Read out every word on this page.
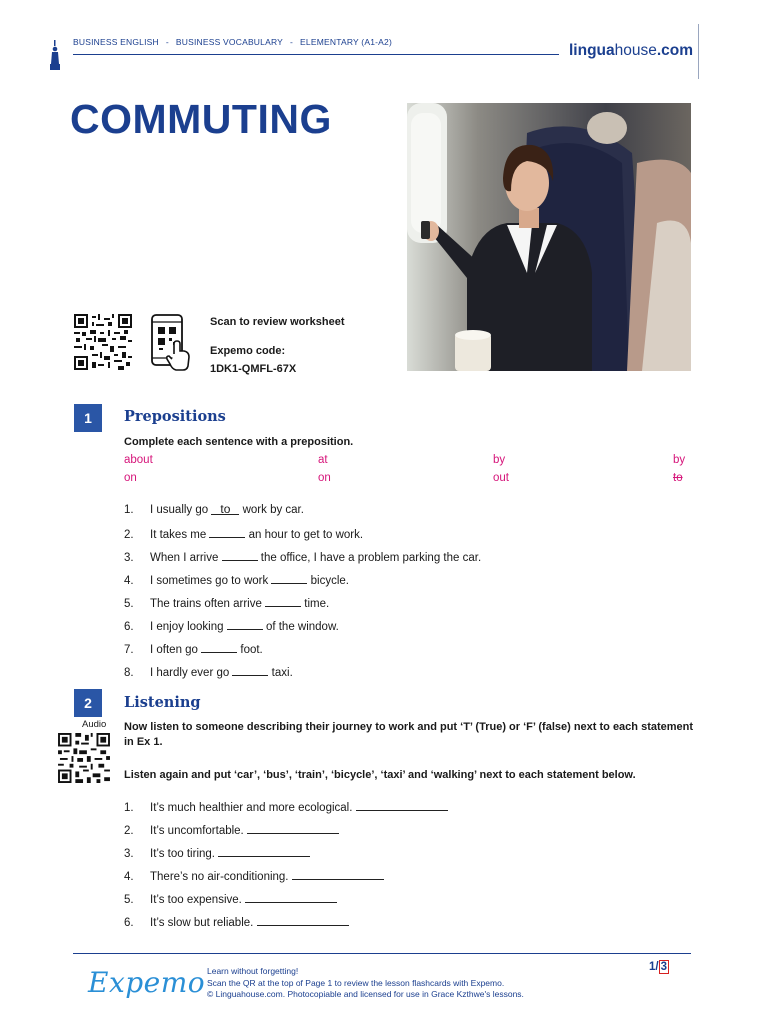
BUSINESS ENGLISH - BUSINESS VOCABULARY - ELEMENTARY (A1-A2)	linguahouse.com
COMMUTING
Scan to review worksheet
Expemo code:
1DK1-QMFL-67X
1	Prepositions
Complete each sentence with a preposition.
about	at	by	by
on	on	out	to
1. I usually go to work by car.
2. It takes me	an hour to get to work.
3. When I arrive	the office, I have a problem parking the car.
4. I sometimes go to work	bicycle.
5. The trains often arrive	time.
6. I enjoy looking	of the window.
7. I often go	foot.
8. I hardly ever go	taxi.
2	Listening
Audio Now listen to someone describing their journey to work and put ‘T’ (True) or ‘F’ (false) next to each statement in Ex 1.
Listen again and put ‘car’, ‘bus’, ‘train’, ‘bicycle’, ‘taxi’ and ‘walking’ next to each statement below.
1. It’s much healthier and more ecological.
2. It’s uncomfortable.
3. It’s too tiring.
4. There’s no air-conditioning.
5. It’s too expensive.
6. It’s slow but reliable.
Expemo Learn without forgetting!
Scan the QR at the top of Page 1 to review the lesson flashcards with Expemo.
© Linguahouse.com. Photocopiable and licensed for use in Grace Kzthwe's lessons.
1/ 3
